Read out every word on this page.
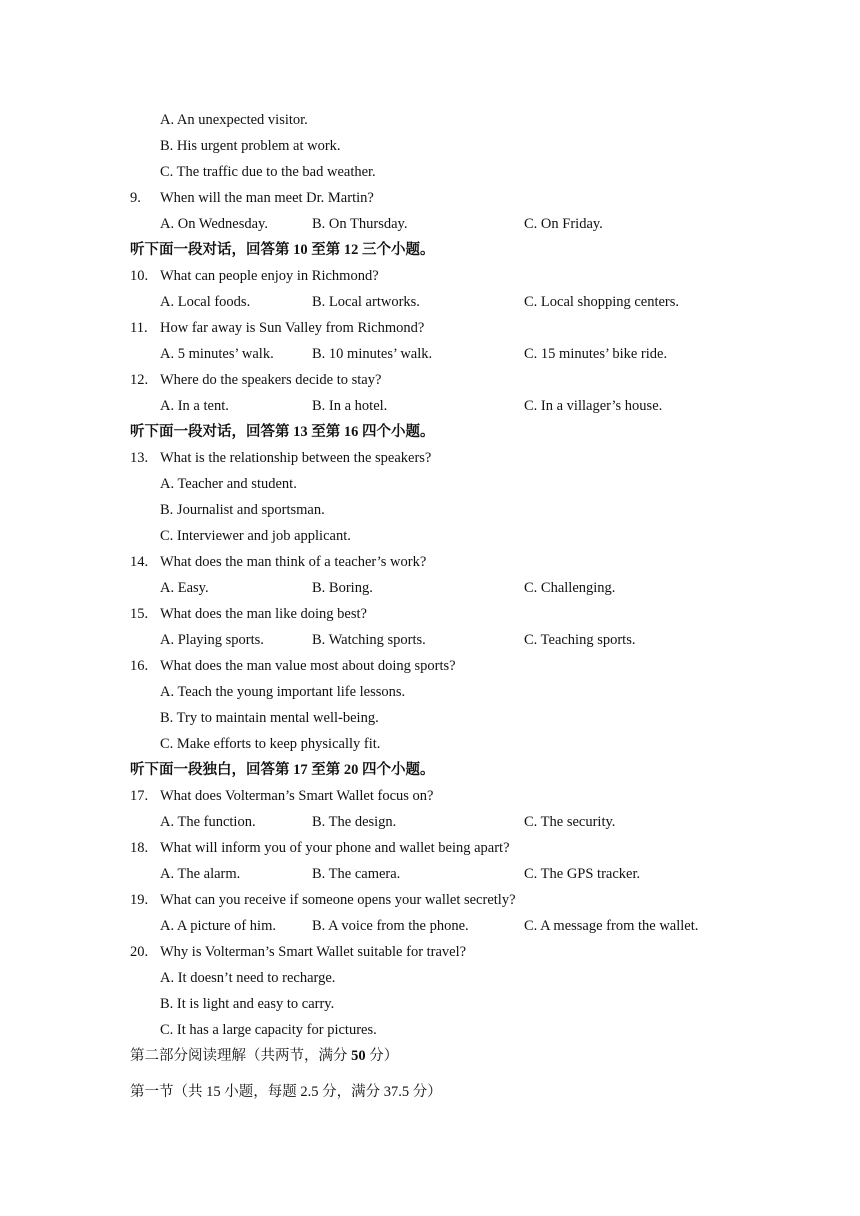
A. An unexpected visitor.
B. His urgent problem at work.
C. The traffic due to the bad weather.
9. When will the man meet Dr. Martin?
A. On Wednesday.	B. On Thursday.	C. On Friday.
听下面一段对话，回答第 10 至第 12 三个小题。
10. What can people enjoy in Richmond?
A. Local foods.	B. Local artworks.	C. Local shopping centers.
11. How far away is Sun Valley from Richmond?
A. 5 minutes’ walk.	B. 10 minutes’ walk.	C. 15 minutes’ bike ride.
12. Where do the speakers decide to stay?
A. In a tent.	B. In a hotel.	C. In a villager’s house.
听下面一段对话，回答第 13 至第 16 四个小题。
13. What is the relationship between the speakers?
A. Teacher and student.
B. Journalist and sportsman.
C. Interviewer and job applicant.
14. What does the man think of a teacher’s work?
A. Easy.	B. Boring.	C. Challenging.
15. What does the man like doing best?
A. Playing sports.	B. Watching sports.	C. Teaching sports.
16. What does the man value most about doing sports?
A. Teach the young important life lessons.
B. Try to maintain mental well-being.
C. Make efforts to keep physically fit.
听下面一段独白，回答第 17 至第 20 四个小题。
17. What does Volterman’s Smart Wallet focus on?
A. The function.	B. The design.	C. The security.
18. What will inform you of your phone and wallet being apart?
A. The alarm.	B. The camera.	C. The GPS tracker.
19. What can you receive if someone opens your wallet secretly?
A. A picture of him. B. A voice from the phone.	C. A message from the wallet.
20. Why is Volterman’s Smart Wallet suitable for travel?
A. It doesn’t need to recharge.
B. It is light and easy to carry.
C. It has a large capacity for pictures.
第二部分阅读理解（共两节，满分 50 分）
第一节（共 15 小题，每题 2.5 分，满分 37.5 分）
